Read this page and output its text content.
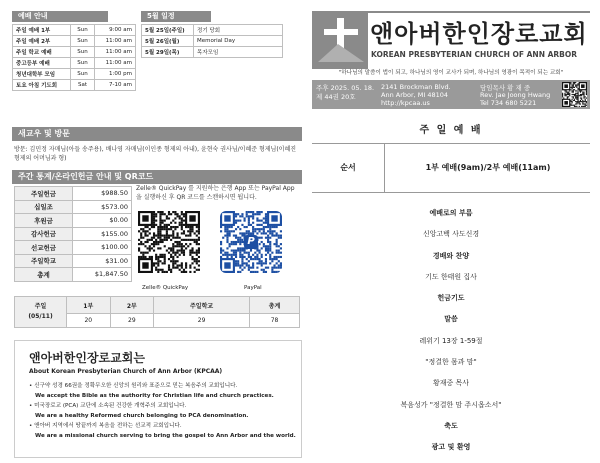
예배 안내
주일 예배 1부	Sun	9:00 am
주일 예배 2부	Sun	11:00 am
주일 학교 예배	Sun	11:00 am
중고등부 예배	Sun	11:00 am
청년대학부 모임	Sun	1:00 pm
토요 아침 기도회	Sat	7-10 am
5월 일정
5월 25일(주일)	정기 당회
5월 26일(월)	Memorial Day
5월 29일(목)	목자모임
앤아버한인장로교회
KOREAN PRESBYTERIAN CHURCH OF ANN ARBOR
"하나님의 말씀이 법이 되고, 하나님의 영이 교사가 되며, 하나님의 영광이 목적이 되는 교회"
주후 2025. 05. 18.
제 44권 20호
2141 Brockman Blvd.
Ann Arbor, MI 48104
http://kpcaa.us
담임목사 황 재 중
Rev. Jae Joong Hwang
Tel 734 680 5221
새교우 및 방문
방문: 김민정 자매님(아들 송주용), 배나영 자매님(이인종 형제의 아내), 윤현숙 권사님/이혜준 형제님(이혜진 형제의 어머님과 형)
주간 통계/온라인헌금 안내 및 QR코드
주일헌금	$988.50
십일조	$573.00
후원금	$0.00
감사헌금	$155.00
선교헌금	$100.00
주일학교	$31.00
총계	$1,847.50
Zelle® QuickPay 를 지원하는 은행 App 또는 PayPal App 을 실행하신 후 QR 코드를 스캔하시면 됩니다.
P
Zelle® QuickPay	PayPal
주일
(05/11)	1부	2부	주일학교	총계
	20	29	29	78
앤아버한인장로교회는
About Korean Presbyterian Church of Ann Arbor (KPCAA)
• 신구약 성경 66권을 정확무오한 신앙의 원리와 표준으로 믿는 복음주의 교회입니다.
We accept the Bible as the authority for Christian life and church practices.
• 미국장로교 (PCA) 교단에 소속된 건강한 개혁주의 교회입니다.
We are a healthy Reformed church belonging to PCA denomination.
• 앤아버 지역에서 땅끝까지 복음을 전하는 선교적 교회입니다.
We are a missional church serving to bring the gospel to Ann Arbor and the world.
주 일 예 배
순서	1부 예배(9am)/2부 예배(11am)
예배로의 부름
신앙고백 사도신경
경배와 찬양
기도 한태원 집사
헌금기도
말씀
레위기 13장 1-59절
"정결한 몸과 맘"
황재중 목사
복음성가 "정결한 맘 주시옵소서"
축도
광고 및 환영
